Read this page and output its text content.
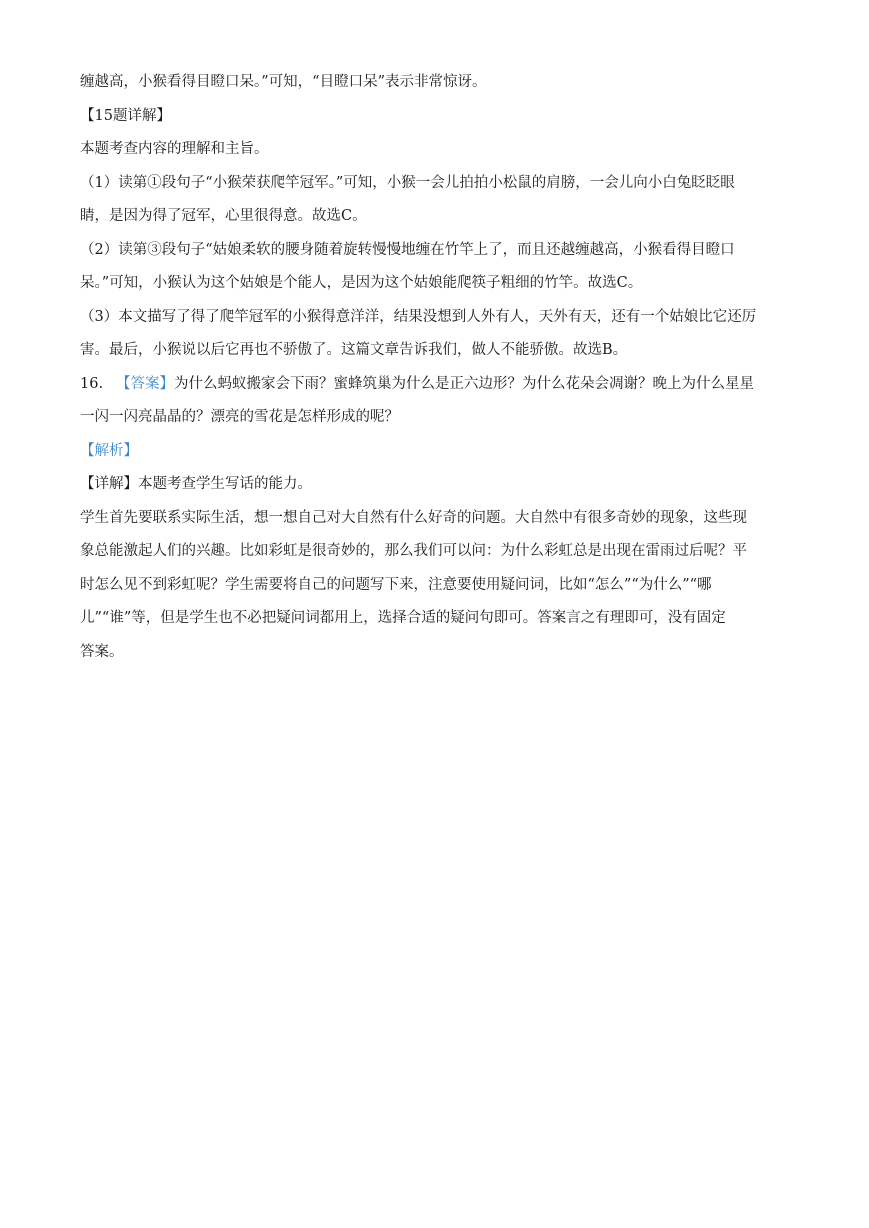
缠越高，小猴看得目瞪口呆。”可知，“目瞪口呆”表示非常惊讶。

【15题详解】

本题考查内容的理解和主旨。

（1）读第①段句子“小猴荣获爬竿冠军。”可知，小猴一会儿拍拍小松鼠的肩膀，一会儿向小白兔眨眨眼

睛，是因为得了冠军，心里很得意。故选C。

（2）读第③段句子“姑娘柔软的腰身随着旋转慢慢地缠在竹竿上了，而且还越缠越高，小猴看得目瞪口

呆。”可知，小猴认为这个姑娘是个能人，是因为这个姑娘能爬筷子粗细的竹竿。故选C。

（3）本文描写了得了爬竿冠军的小猴得意洋洋，结果没想到人外有人，天外有天，还有一个姑娘比它还厉

害。最后，小猴说以后它再也不骄傲了。这篇文章告诉我们，做人不能骄傲。故选B。

16. 【答案】为什么蚂蚁搬家会下雨？蜜蜂筑巢为什么是正六边形？为什么花朵会凋谢？晚上为什么星星

一闪一闪亮晶晶的？漂亮的雪花是怎样形成的呢？

【解析】

【详解】本题考查学生写话的能力。

学生首先要联系实际生活，想一想自己对大自然有什么好奇的问题。大自然中有很多奇妙的现象，这些现

象总能激起人们的兴趣。比如彩虹是很奇妙的，那么我们可以问：为什么彩虹总是出现在雷雨过后呢？平

时怎么见不到彩虹呢？学生需要将自己的问题写下来，注意要使用疑问词，比如“怎么”“为什么”“哪

儿”“谁”等，但是学生也不必把疑问词都用上，选择合适的疑问句即可。答案言之有理即可，没有固定

答案。
